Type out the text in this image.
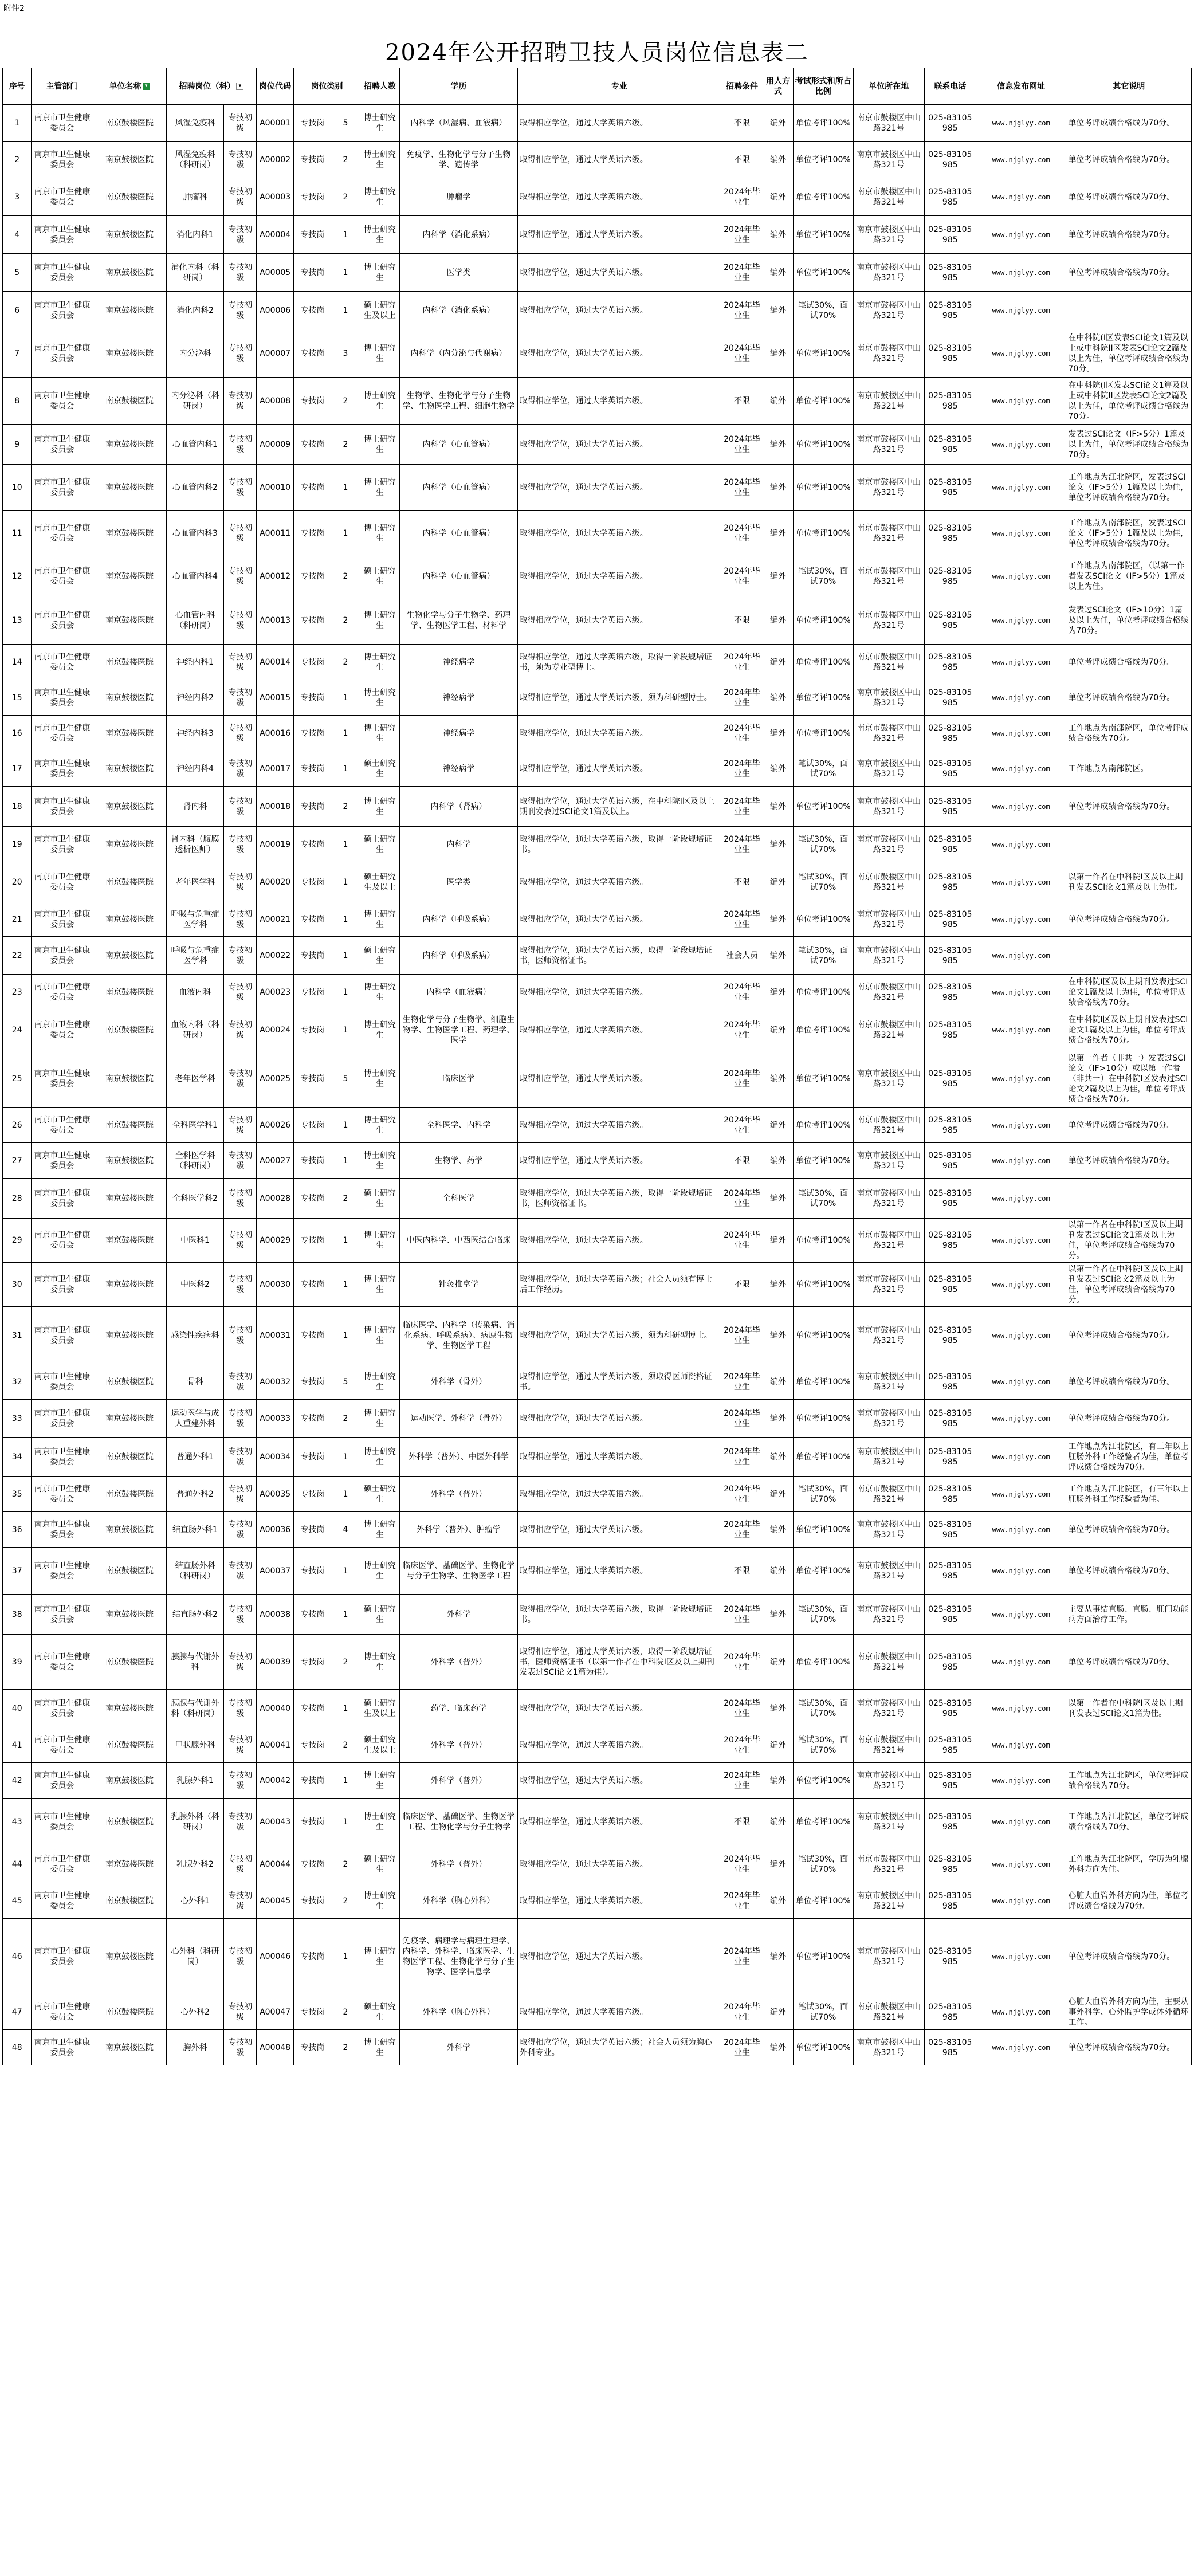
附件2
2024年公开招聘卫技人员岗位信息表二
序号	主管部门	单位名称 ▾	招聘岗位（科） ▾		岗位代码	岗位类别		招聘人数	学历	专业	招聘条件	用人方式	考试形式和所占比例	单位所在地	联系电话	信息发布网址	其它说明
1	南京市卫生健康委员会	南京鼓楼医院	风湿免疫科	专技初级	A00001	专技岗	5	博士研究生	内科学（风湿病、血液病）	取得相应学位，通过大学英语六级。	不限	编外	单位考评100%	南京市鼓楼区中山路321号	025-83105985	www.njglyy.com	单位考评成绩合格线为70分。
2	南京市卫生健康委员会	南京鼓楼医院	风湿免疫科（科研岗）	专技初级	A00002	专技岗	2	博士研究生	免疫学、生物化学与分子生物学、遗传学	取得相应学位，通过大学英语六级。	不限	编外	单位考评100%	南京市鼓楼区中山路321号	025-83105985	www.njglyy.com	单位考评成绩合格线为70分。
3	南京市卫生健康委员会	南京鼓楼医院	肿瘤科	专技初级	A00003	专技岗	2	博士研究生	肿瘤学	取得相应学位，通过大学英语六级。	2024年毕业生	编外	单位考评100%	南京市鼓楼区中山路321号	025-83105985	www.njglyy.com	单位考评成绩合格线为70分。
4	南京市卫生健康委员会	南京鼓楼医院	消化内科1	专技初级	A00004	专技岗	1	博士研究生	内科学（消化系病）	取得相应学位，通过大学英语六级。	2024年毕业生	编外	单位考评100%	南京市鼓楼区中山路321号	025-83105985	www.njglyy.com	单位考评成绩合格线为70分。
5	南京市卫生健康委员会	南京鼓楼医院	消化内科（科研岗）	专技初级	A00005	专技岗	1	博士研究生	医学类	取得相应学位，通过大学英语六级。	2024年毕业生	编外	单位考评100%	南京市鼓楼区中山路321号	025-83105985	www.njglyy.com	单位考评成绩合格线为70分。
6	南京市卫生健康委员会	南京鼓楼医院	消化内科2	专技初级	A00006	专技岗	1	硕士研究生及以上	内科学（消化系病）	取得相应学位，通过大学英语六级。	2024年毕业生	编外	笔试30%，面试70%	南京市鼓楼区中山路321号	025-83105985	www.njglyy.com	
7	南京市卫生健康委员会	南京鼓楼医院	内分泌科	专技初级	A00007	专技岗	3	博士研究生	内科学（内分泌与代谢病）	取得相应学位，通过大学英语六级。	2024年毕业生	编外	单位考评100%	南京市鼓楼区中山路321号	025-83105985	www.njglyy.com	在中科院(I区发表SCI论文1篇及以上或中科院II区发表SCI论文2篇及以上为佳，单位考评成绩合格线为70分。
8	南京市卫生健康委员会	南京鼓楼医院	内分泌科（科研岗）	专技初级	A00008	专技岗	2	博士研究生	生物学、生物化学与分子生物学、生物医学工程、细胞生物学	取得相应学位，通过大学英语六级。	不限	编外	单位考评100%	南京市鼓楼区中山路321号	025-83105985	www.njglyy.com	在中科院(I区发表SCI论文1篇及以上或中科院II区发表SCI论文2篇及以上为佳，单位考评成绩合格线为70分。
9	南京市卫生健康委员会	南京鼓楼医院	心血管内科1	专技初级	A00009	专技岗	2	博士研究生	内科学（心血管病）	取得相应学位，通过大学英语六级。	2024年毕业生	编外	单位考评100%	南京市鼓楼区中山路321号	025-83105985	www.njglyy.com	发表过SCI论文（IF>5分）1篇及以上为佳，单位考评成绩合格线为70分。
10	南京市卫生健康委员会	南京鼓楼医院	心血管内科2	专技初级	A00010	专技岗	1	博士研究生	内科学（心血管病）	取得相应学位，通过大学英语六级。	2024年毕业生	编外	单位考评100%	南京市鼓楼区中山路321号	025-83105985	www.njglyy.com	工作地点为江北院区，发表过SCI论文（IF>5分）1篇及以上为佳，单位考评成绩合格线为70分。
11	南京市卫生健康委员会	南京鼓楼医院	心血管内科3	专技初级	A00011	专技岗	1	博士研究生	内科学（心血管病）	取得相应学位，通过大学英语六级。	2024年毕业生	编外	单位考评100%	南京市鼓楼区中山路321号	025-83105985	www.njglyy.com	工作地点为南部院区，发表过SCI论文（IF>5分）1篇及以上为佳，单位考评成绩合格线为70分。
12	南京市卫生健康委员会	南京鼓楼医院	心血管内科4	专技初级	A00012	专技岗	2	硕士研究生	内科学（心血管病）	取得相应学位，通过大学英语六级。	2024年毕业生	编外	笔试30%，面试70%	南京市鼓楼区中山路321号	025-83105985	www.njglyy.com	工作地点为南部院区，（以第一作者发表SCI论文（IF>5分）1篇及以上为佳。
13	南京市卫生健康委员会	南京鼓楼医院	心血管内科（科研岗）	专技初级	A00013	专技岗	2	博士研究生	生物化学与分子生物学、药理学、生物医学工程、材料学	取得相应学位，通过大学英语六级。	不限	编外	单位考评100%	南京市鼓楼区中山路321号	025-83105985	www.njglyy.com	发表过SCI论文（IF>10分）1篇及以上为佳，单位考评成绩合格线为70分。
14	南京市卫生健康委员会	南京鼓楼医院	神经内科1	专技初级	A00014	专技岗	2	博士研究生	神经病学	取得相应学位，通过大学英语六级，取得一阶段规培证书，须为专业型博士。	2024年毕业生	编外	单位考评100%	南京市鼓楼区中山路321号	025-83105985	www.njglyy.com	单位考评成绩合格线为70分。
15	南京市卫生健康委员会	南京鼓楼医院	神经内科2	专技初级	A00015	专技岗	1	博士研究生	神经病学	取得相应学位，通过大学英语六级，须为科研型博士。	2024年毕业生	编外	单位考评100%	南京市鼓楼区中山路321号	025-83105985	www.njglyy.com	单位考评成绩合格线为70分。
16	南京市卫生健康委员会	南京鼓楼医院	神经内科3	专技初级	A00016	专技岗	1	博士研究生	神经病学	取得相应学位，通过大学英语六级。	2024年毕业生	编外	单位考评100%	南京市鼓楼区中山路321号	025-83105985	www.njglyy.com	工作地点为南部院区，单位考评成绩合格线为70分。
17	南京市卫生健康委员会	南京鼓楼医院	神经内科4	专技初级	A00017	专技岗	1	硕士研究生	神经病学	取得相应学位，通过大学英语六级。	2024年毕业生	编外	笔试30%，面试70%	南京市鼓楼区中山路321号	025-83105985	www.njglyy.com	工作地点为南部院区。
18	南京市卫生健康委员会	南京鼓楼医院	肾内科	专技初级	A00018	专技岗	2	博士研究生	内科学（肾病）	取得相应学位，通过大学英语六级，在中科院I区及以上期刊发表过SCI论文1篇及以上。	2024年毕业生	编外	单位考评100%	南京市鼓楼区中山路321号	025-83105985	www.njglyy.com	单位考评成绩合格线为70分。
19	南京市卫生健康委员会	南京鼓楼医院	肾内科（腹膜透析医师）	专技初级	A00019	专技岗	1	硕士研究生	内科学	取得相应学位，通过大学英语六级，取得一阶段规培证书。	2024年毕业生	编外	笔试30%，面试70%	南京市鼓楼区中山路321号	025-83105985	www.njglyy.com	
20	南京市卫生健康委员会	南京鼓楼医院	老年医学科	专技初级	A00020	专技岗	1	硕士研究生及以上	医学类	取得相应学位，通过大学英语六级。	不限	编外	笔试30%，面试70%	南京市鼓楼区中山路321号	025-83105985	www.njglyy.com	以第一作者在中科院I区及以上期刊发表SCI论文1篇及以上为佳。
21	南京市卫生健康委员会	南京鼓楼医院	呼吸与危重症医学科	专技初级	A00021	专技岗	1	博士研究生	内科学（呼吸系病）	取得相应学位，通过大学英语六级。	2024年毕业生	编外	单位考评100%	南京市鼓楼区中山路321号	025-83105985	www.njglyy.com	单位考评成绩合格线为70分。
22	南京市卫生健康委员会	南京鼓楼医院	呼吸与危重症医学科	专技初级	A00022	专技岗	1	硕士研究生	内科学（呼吸系病）	取得相应学位，通过大学英语六级，取得一阶段规培证书，医师资格证书。	社会人员	编外	笔试30%，面试70%	南京市鼓楼区中山路321号	025-83105985	www.njglyy.com	
23	南京市卫生健康委员会	南京鼓楼医院	血液内科	专技初级	A00023	专技岗	1	博士研究生	内科学（血液病）	取得相应学位，通过大学英语六级。	2024年毕业生	编外	单位考评100%	南京市鼓楼区中山路321号	025-83105985	www.njglyy.com	在中科院I区及以上期刊发表过SCI论文1篇及以上为佳，单位考评成绩合格线为70分。
24	南京市卫生健康委员会	南京鼓楼医院	血液内科（科研岗）	专技初级	A00024	专技岗	1	博士研究生	生物化学与分子生物学、细胞生物学、生物医学工程、药理学、医学	取得相应学位，通过大学英语六级。	2024年毕业生	编外	单位考评100%	南京市鼓楼区中山路321号	025-83105985	www.njglyy.com	在中科院I区及以上期刊发表过SCI论文1篇及以上为佳，单位考评成绩合格线为70分。
25	南京市卫生健康委员会	南京鼓楼医院	老年医学科	专技初级	A00025	专技岗	5	博士研究生	临床医学	取得相应学位，通过大学英语六级。	2024年毕业生	编外	单位考评100%	南京市鼓楼区中山路321号	025-83105985	www.njglyy.com	以第一作者（非共一）发表过SCI论文（IF>10分）或以第一作者（非共一）在中科院I区发表过SCI论文2篇及以上为佳，单位考评成绩合格线为70分。
26	南京市卫生健康委员会	南京鼓楼医院	全科医学科1	专技初级	A00026	专技岗	1	博士研究生	全科医学、内科学	取得相应学位，通过大学英语六级。	2024年毕业生	编外	单位考评100%	南京市鼓楼区中山路321号	025-83105985	www.njglyy.com	单位考评成绩合格线为70分。
27	南京市卫生健康委员会	南京鼓楼医院	全科医学科（科研岗）	专技初级	A00027	专技岗	1	博士研究生	生物学、药学	取得相应学位，通过大学英语六级。	不限	编外	单位考评100%	南京市鼓楼区中山路321号	025-83105985	www.njglyy.com	单位考评成绩合格线为70分。
28	南京市卫生健康委员会	南京鼓楼医院	全科医学科2	专技初级	A00028	专技岗	2	硕士研究生	全科医学	取得相应学位，通过大学英语六级，取得一阶段规培证书，医师资格证书。	2024年毕业生	编外	笔试30%，面试70%	南京市鼓楼区中山路321号	025-83105985	www.njglyy.com	
29	南京市卫生健康委员会	南京鼓楼医院	中医科1	专技初级	A00029	专技岗	1	博士研究生	中医内科学、中西医结合临床	取得相应学位，通过大学英语六级。	2024年毕业生	编外	单位考评100%	南京市鼓楼区中山路321号	025-83105985	www.njglyy.com	以第一作者在中科院I区及以上期刊发表过SCI论文1篇及以上为佳，单位考评成绩合格线为70分。
30	南京市卫生健康委员会	南京鼓楼医院	中医科2	专技初级	A00030	专技岗	1	博士研究生	针灸推拿学	取得相应学位，通过大学英语六级；社会人员须有博士后工作经历。	不限	编外	单位考评100%	南京市鼓楼区中山路321号	025-83105985	www.njglyy.com	以第一作者在中科院I区及以上期刊发表过SCI论文2篇及以上为佳，单位考评成绩合格线为70分。
31	南京市卫生健康委员会	南京鼓楼医院	感染性疾病科	专技初级	A00031	专技岗	1	博士研究生	临床医学、内科学（传染病、消化系病、呼吸系病）、病原生物学、生物医学工程	取得相应学位，通过大学英语六级，须为科研型博士。	2024年毕业生	编外	单位考评100%	南京市鼓楼区中山路321号	025-83105985	www.njglyy.com	单位考评成绩合格线为70分。
32	南京市卫生健康委员会	南京鼓楼医院	骨科	专技初级	A00032	专技岗	5	博士研究生	外科学（骨外）	取得相应学位，通过大学英语六级，须取得医师资格证书。	2024年毕业生	编外	单位考评100%	南京市鼓楼区中山路321号	025-83105985	www.njglyy.com	单位考评成绩合格线为70分。
33	南京市卫生健康委员会	南京鼓楼医院	运动医学与成人重建外科	专技初级	A00033	专技岗	2	博士研究生	运动医学、外科学（骨外）	取得相应学位，通过大学英语六级。	2024年毕业生	编外	单位考评100%	南京市鼓楼区中山路321号	025-83105985	www.njglyy.com	单位考评成绩合格线为70分。
34	南京市卫生健康委员会	南京鼓楼医院	普通外科1	专技初级	A00034	专技岗	1	博士研究生	外科学（普外）、中医外科学	取得相应学位，通过大学英语六级。	2024年毕业生	编外	单位考评100%	南京市鼓楼区中山路321号	025-83105985	www.njglyy.com	工作地点为江北院区，有三年以上肛肠外科工作经验者为佳，单位考评成绩合格线为70分。
35	南京市卫生健康委员会	南京鼓楼医院	普通外科2	专技初级	A00035	专技岗	1	硕士研究生	外科学（普外）	取得相应学位，通过大学英语六级。	2024年毕业生	编外	笔试30%，面试70%	南京市鼓楼区中山路321号	025-83105985	www.njglyy.com	工作地点为江北院区，有三年以上肛肠外科工作经验者为佳。
36	南京市卫生健康委员会	南京鼓楼医院	结直肠外科1	专技初级	A00036	专技岗	4	博士研究生	外科学（普外）、肿瘤学	取得相应学位，通过大学英语六级。	2024年毕业生	编外	单位考评100%	南京市鼓楼区中山路321号	025-83105985	www.njglyy.com	单位考评成绩合格线为70分。
37	南京市卫生健康委员会	南京鼓楼医院	结直肠外科（科研岗）	专技初级	A00037	专技岗	1	博士研究生	临床医学、基础医学、生物化学与分子生物学、生物医学工程	取得相应学位，通过大学英语六级。	不限	编外	单位考评100%	南京市鼓楼区中山路321号	025-83105985	www.njglyy.com	单位考评成绩合格线为70分。
38	南京市卫生健康委员会	南京鼓楼医院	结直肠外科2	专技初级	A00038	专技岗	1	硕士研究生	外科学	取得相应学位，通过大学英语六级，取得一阶段规培证书。	2024年毕业生	编外	笔试30%，面试70%	南京市鼓楼区中山路321号	025-83105985	www.njglyy.com	主要从事结直肠、直肠、肛门功能病方面治疗工作。
39	南京市卫生健康委员会	南京鼓楼医院	胰腺与代谢外科	专技初级	A00039	专技岗	2	博士研究生	外科学（普外）	取得相应学位，通过大学英语六级，取得一阶段规培证书，医师资格证书（以第一作者在中科院I区及以上期刊发表过SCI论文1篇为佳）。	2024年毕业生	编外	单位考评100%	南京市鼓楼区中山路321号	025-83105985	www.njglyy.com	单位考评成绩合格线为70分。
40	南京市卫生健康委员会	南京鼓楼医院	胰腺与代谢外科（科研岗）	专技初级	A00040	专技岗	1	硕士研究生及以上	药学、临床药学	取得相应学位，通过大学英语六级。	2024年毕业生	编外	笔试30%，面试70%	南京市鼓楼区中山路321号	025-83105985	www.njglyy.com	以第一作者在中科院I区及以上期刊发表过SCI论文1篇为佳。
41	南京市卫生健康委员会	南京鼓楼医院	甲状腺外科	专技初级	A00041	专技岗	2	硕士研究生及以上	外科学（普外）	取得相应学位，通过大学英语六级。	2024年毕业生	编外	笔试30%，面试70%	南京市鼓楼区中山路321号	025-83105985	www.njglyy.com	
42	南京市卫生健康委员会	南京鼓楼医院	乳腺外科1	专技初级	A00042	专技岗	1	博士研究生	外科学（普外）	取得相应学位，通过大学英语六级。	2024年毕业生	编外	单位考评100%	南京市鼓楼区中山路321号	025-83105985	www.njglyy.com	工作地点为江北院区，单位考评成绩合格线为70分。
43	南京市卫生健康委员会	南京鼓楼医院	乳腺外科（科研岗）	专技初级	A00043	专技岗	1	博士研究生	临床医学、基础医学、生物医学工程、生物化学与分子生物学	取得相应学位，通过大学英语六级。	不限	编外	单位考评100%	南京市鼓楼区中山路321号	025-83105985	www.njglyy.com	工作地点为江北院区，单位考评成绩合格线为70分。
44	南京市卫生健康委员会	南京鼓楼医院	乳腺外科2	专技初级	A00044	专技岗	2	硕士研究生	外科学（普外）	取得相应学位，通过大学英语六级。	2024年毕业生	编外	笔试30%，面试70%	南京市鼓楼区中山路321号	025-83105985	www.njglyy.com	工作地点为江北院区，学历为乳腺外科方向为佳。
45	南京市卫生健康委员会	南京鼓楼医院	心外科1	专技初级	A00045	专技岗	2	博士研究生	外科学（胸心外科）	取得相应学位，通过大学英语六级。	2024年毕业生	编外	单位考评100%	南京市鼓楼区中山路321号	025-83105985	www.njglyy.com	心脏大血管外科方向为佳，单位考评成绩合格线为70分。
46	南京市卫生健康委员会	南京鼓楼医院	心外科（科研岗）	专技初级	A00046	专技岗	1	博士研究生	免疫学、病理学与病理生理学、内科学、外科学、临床医学、生物医学工程、生物化学与分子生物学、医学信息学	取得相应学位，通过大学英语六级。	2024年毕业生	编外	单位考评100%	南京市鼓楼区中山路321号	025-83105985	www.njglyy.com	单位考评成绩合格线为70分。
47	南京市卫生健康委员会	南京鼓楼医院	心外科2	专技初级	A00047	专技岗	2	硕士研究生	外科学（胸心外科）	取得相应学位，通过大学英语六级。	2024年毕业生	编外	笔试30%，面试70%	南京市鼓楼区中山路321号	025-83105985	www.njglyy.com	心脏大血管外科方向为佳，主要从事外科学、心外监护学或体外循环工作。
48	南京市卫生健康委员会	南京鼓楼医院	胸外科	专技初级	A00048	专技岗	2	博士研究生	外科学	取得相应学位，通过大学英语六级；社会人员须为胸心外科专业。	2024年毕业生	编外	单位考评100%	南京市鼓楼区中山路321号	025-83105985	www.njglyy.com	单位考评成绩合格线为70分。
